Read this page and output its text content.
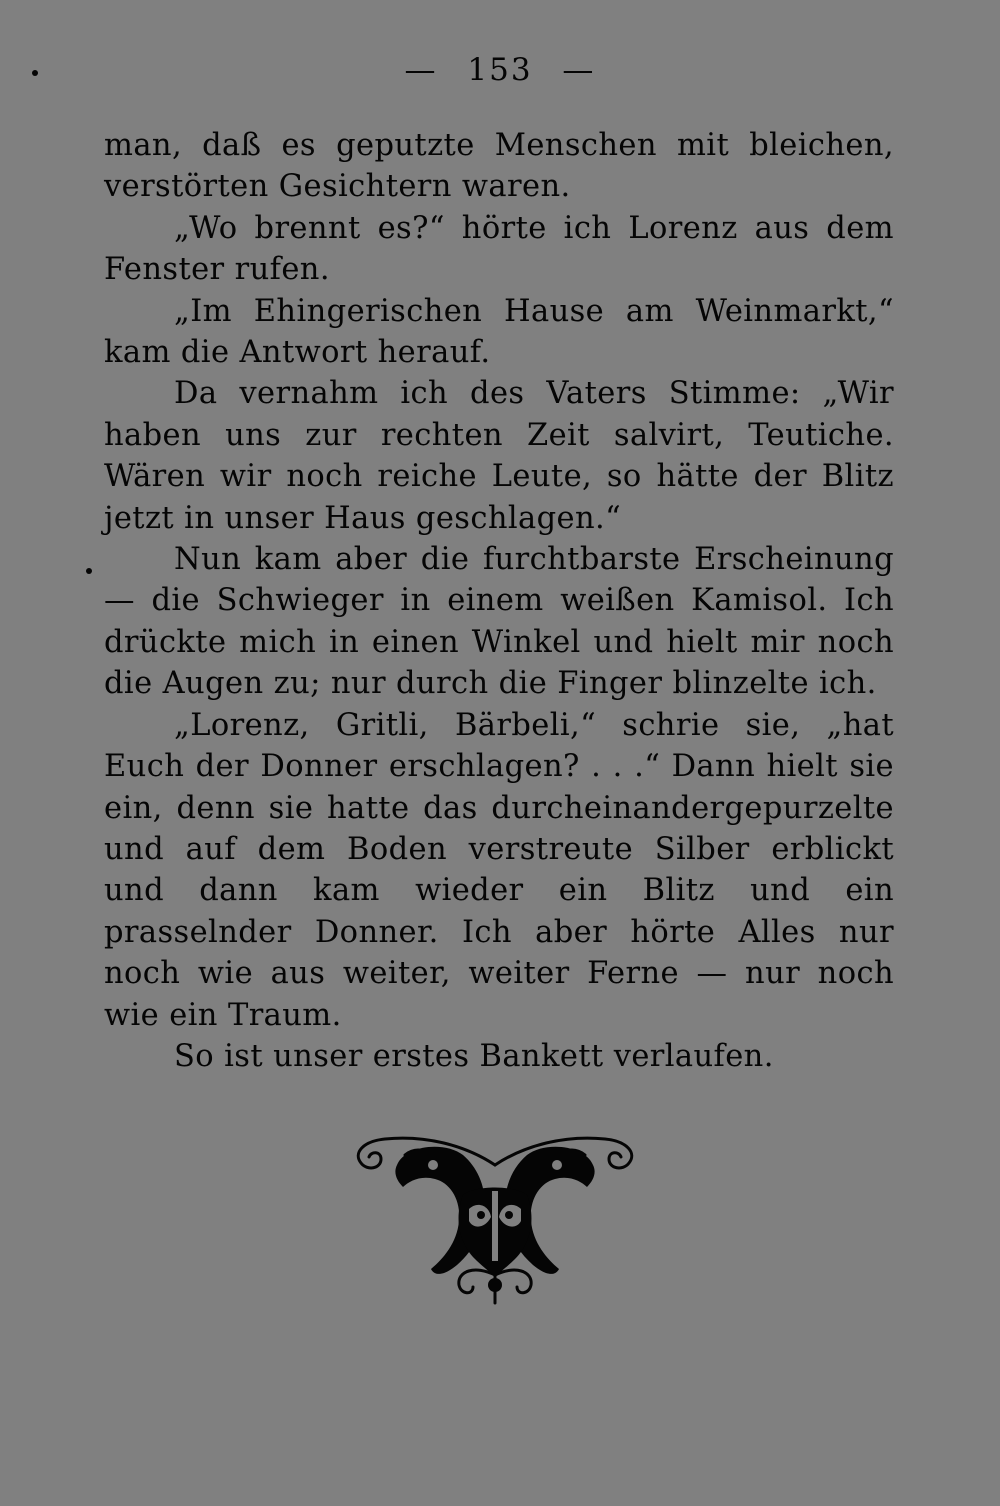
— 153 —

man, daß es geputzte Menschen mit bleichen, verstörten Gesichtern waren.

„Wo brennt es?“ hörte ich Lorenz aus dem Fenster rufen.

„Im Ehingerischen Hause am Weinmarkt,“ kam die Antwort herauf.

Da vernahm ich des Vaters Stimme: „Wir haben uns zur rechten Zeit salvirt, Teutiche. Wären wir noch reiche Leute, so hätte der Blitz jetzt in unser Haus geschlagen.“

Nun kam aber die furchtbarste Erscheinung — die Schwieger in einem weißen Kamisol. Ich drückte mich in einen Winkel und hielt mir noch die Augen zu; nur durch die Finger blinzelte ich.

„Lorenz, Gritli, Bärbeli,“ schrie sie, „hat Euch der Donner erschlagen? . . .“ Dann hielt sie ein, denn sie hatte das durcheinandergepurzelte und auf dem Boden verstreute Silber erblickt und dann kam wieder ein Blitz und ein prasselnder Donner. Ich aber hörte Alles nur noch wie aus weiter, weiter Ferne — nur noch wie ein Traum.

So ist unser erstes Bankett verlaufen.
